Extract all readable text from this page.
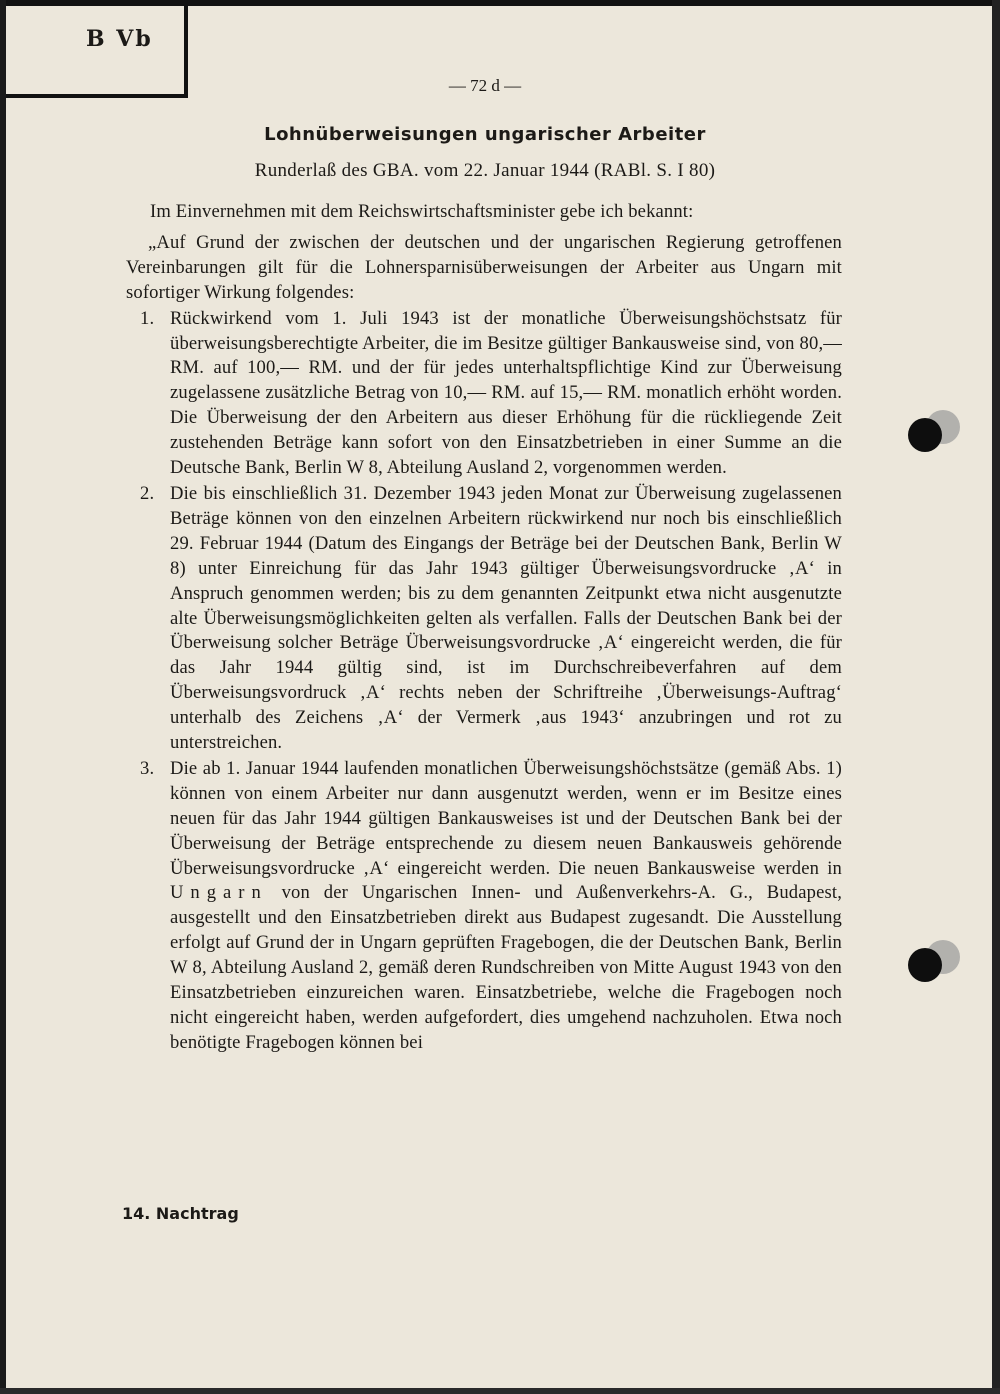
B Vb
— 72 d —
Lohnüberweisungen ungarischer Arbeiter
Runderlaß des GBA. vom 22. Januar 1944 (RABl. S. I 80)

Im Einvernehmen mit dem Reichswirtschaftsminister gebe ich bekannt:

„Auf Grund der zwischen der deutschen und der ungarischen Regierung getroffenen Vereinbarungen gilt für die Lohnersparnisüberweisungen der Arbeiter aus Ungarn mit sofortiger Wirkung folgendes:

1. Rückwirkend vom 1. Juli 1943 ist der monatliche Überweisungshöchstsatz für überweisungsberechtigte Arbeiter, die im Besitze gültiger Bankausweise sind, von 80,— RM. auf 100,— RM. und der für jedes unterhaltspflichtige Kind zur Überweisung zugelassene zusätzliche Betrag von 10,— RM. auf 15,— RM. monatlich erhöht worden. Die Überweisung der den Arbeitern aus dieser Erhöhung für die rückliegende Zeit zustehenden Beträge kann sofort von den Einsatzbetrieben in einer Summe an die Deutsche Bank, Berlin W 8, Abteilung Ausland 2, vorgenommen werden.

2. Die bis einschließlich 31. Dezember 1943 jeden Monat zur Überweisung zugelassenen Beträge können von den einzelnen Arbeitern rückwirkend nur noch bis einschließlich 29. Februar 1944 (Datum des Eingangs der Beträge bei der Deutschen Bank, Berlin W 8) unter Einreichung für das Jahr 1943 gültiger Überweisungsvordrucke ‚A‘ in Anspruch genommen werden; bis zu dem genannten Zeitpunkt etwa nicht ausgenutzte alte Überweisungsmöglichkeiten gelten als verfallen. Falls der Deutschen Bank bei der Überweisung solcher Beträge Überweisungsvordrucke ‚A‘ eingereicht werden, die für das Jahr 1944 gültig sind, ist im Durchschreibeverfahren auf dem Überweisungsvordruck ‚A‘ rechts neben der Schriftreihe ‚Überweisungs-Auftrag‘ unterhalb des Zeichens ‚A‘ der Vermerk ‚aus 1943‘ anzubringen und rot zu unterstreichen.

3. Die ab 1. Januar 1944 laufenden monatlichen Überweisungshöchstsätze (gemäß Abs. 1) können von einem Arbeiter nur dann ausgenutzt werden, wenn er im Besitze eines neuen für das Jahr 1944 gültigen Bankausweises ist und der Deutschen Bank bei der Überweisung der Beträge entsprechende zu diesem neuen Bankausweis gehörende Überweisungsvordrucke ‚A‘ eingereicht werden. Die neuen Bankausweise werden in Ungarn von der Ungarischen Innen- und Außenverkehrs-A. G., Budapest, ausgestellt und den Einsatzbetrieben direkt aus Budapest zugesandt. Die Ausstellung erfolgt auf Grund der in Ungarn geprüften Fragebogen, die der Deutschen Bank, Berlin W 8, Abteilung Ausland 2, gemäß deren Rundschreiben von Mitte August 1943 von den Einsatzbetrieben einzureichen waren. Einsatzbetriebe, welche die Fragebogen noch nicht eingereicht haben, werden aufgefordert, dies umgehend nachzuholen. Etwa noch benötigte Fragebogen können bei

14. Nachtrag
